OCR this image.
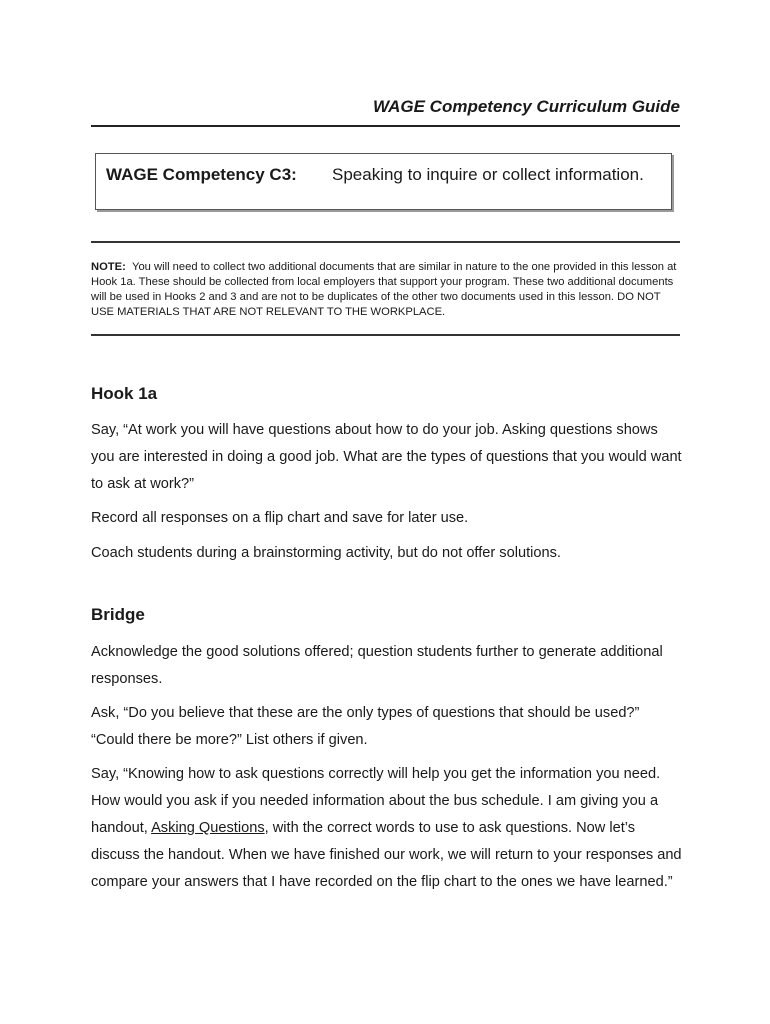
WAGE Competency Curriculum Guide
WAGE Competency C3: Speaking to inquire or collect information.
NOTE: You will need to collect two additional documents that are similar in nature to the one provided in this lesson at Hook 1a. These should be collected from local employers that support your program. These two additional documents will be used in Hooks 2 and 3 and are not to be duplicates of the other two documents used in this lesson. DO NOT USE MATERIALS THAT ARE NOT RELEVANT TO THE WORKPLACE.
Hook 1a
Say, “At work you will have questions about how to do your job. Asking questions shows you are interested in doing a good job. What are the types of questions that you would want to ask at work?”
Record all responses on a flip chart and save for later use.
Coach students during a brainstorming activity, but do not offer solutions.
Bridge
Acknowledge the good solutions offered; question students further to generate additional responses.
Ask, “Do you believe that these are the only types of questions that should be used?” “Could there be more?” List others if given.
Say, “Knowing how to ask questions correctly will help you get the information you need. How would you ask if you needed information about the bus schedule. I am giving you a handout, Asking Questions, with the correct words to use to ask questions. Now let’s discuss the handout. When we have finished our work, we will return to your responses and compare your answers that I have recorded on the flip chart to the ones we have learned.”
